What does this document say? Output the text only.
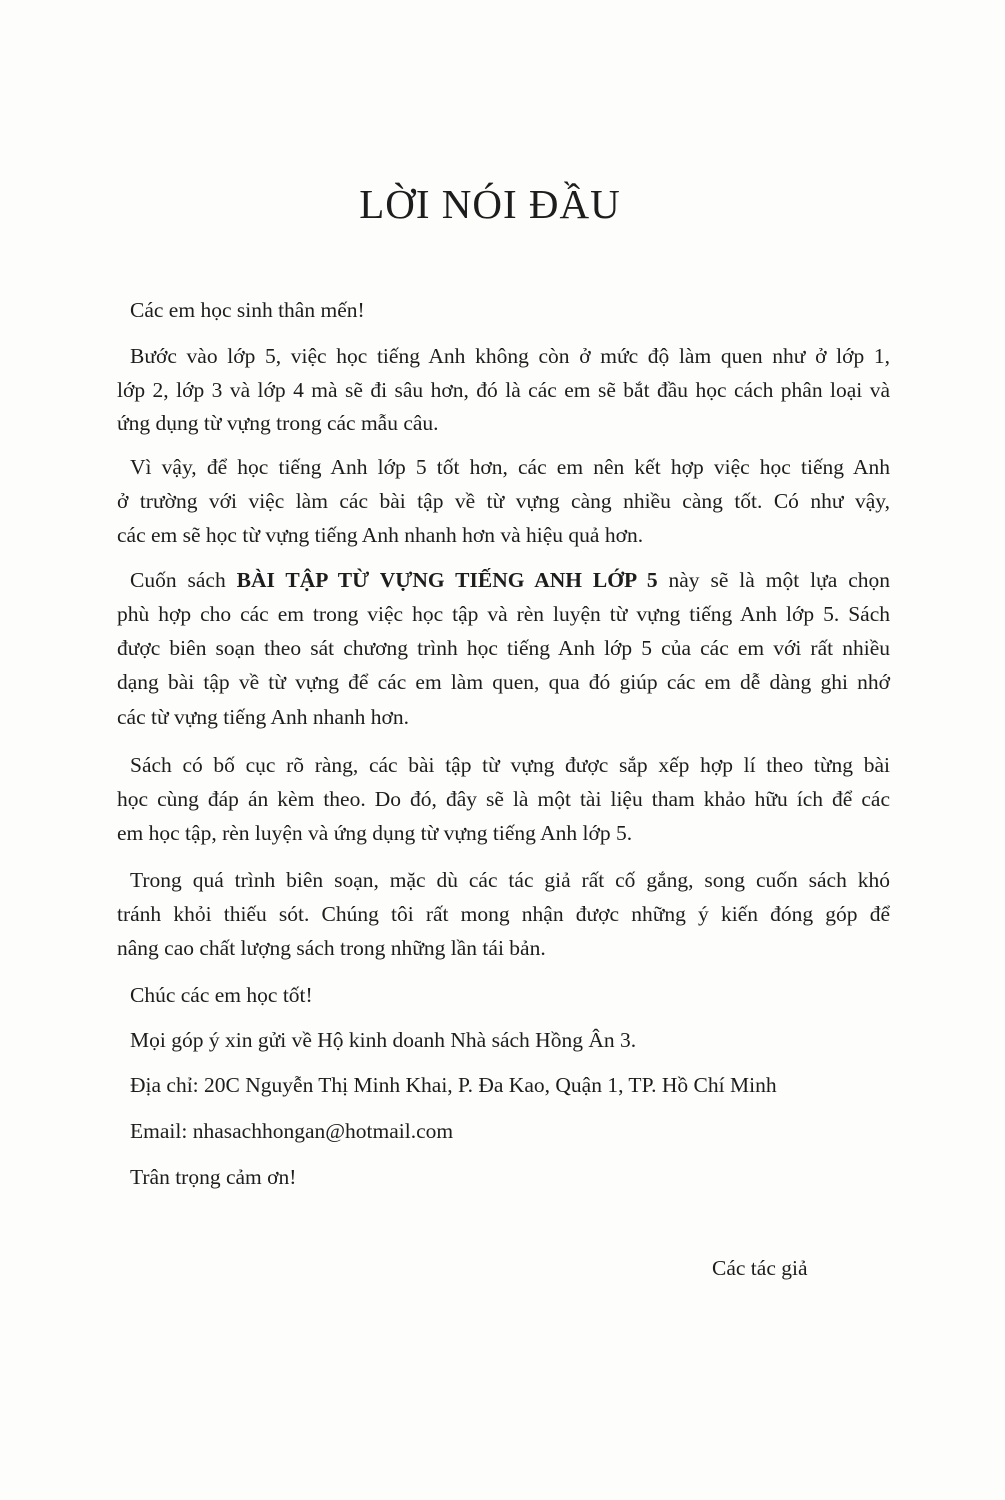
LỜI NÓI ĐẦU
Các em học sinh thân mến!
Bước vào lớp 5, việc học tiếng Anh không còn ở mức độ làm quen như ở lớp 1,
lớp 2, lớp 3 và lớp 4 mà sẽ đi sâu hơn, đó là các em sẽ bắt đầu học cách phân loại và
ứng dụng từ vựng trong các mẫu câu.
Vì vậy, để học tiếng Anh lớp 5 tốt hơn, các em nên kết hợp việc học tiếng Anh
ở trường với việc làm các bài tập về từ vựng càng nhiều càng tốt. Có như vậy,
các em sẽ học từ vựng tiếng Anh nhanh hơn và hiệu quả hơn.
Cuốn sách BÀI TẬP TỪ VỰNG TIẾNG ANH LỚP 5 này sẽ là một lựa chọn
phù hợp cho các em trong việc học tập và rèn luyện từ vựng tiếng Anh lớp 5. Sách
được biên soạn theo sát chương trình học tiếng Anh lớp 5 của các em với rất nhiều
dạng bài tập về từ vựng để các em làm quen, qua đó giúp các em dễ dàng ghi nhớ
các từ vựng tiếng Anh nhanh hơn.
Sách có bố cục rõ ràng, các bài tập từ vựng được sắp xếp hợp lí theo từng bài
học cùng đáp án kèm theo. Do đó, đây sẽ là một tài liệu tham khảo hữu ích để các
em học tập, rèn luyện và ứng dụng từ vựng tiếng Anh lớp 5.
Trong quá trình biên soạn, mặc dù các tác giả rất cố gắng, song cuốn sách khó
tránh khỏi thiếu sót. Chúng tôi rất mong nhận được những ý kiến đóng góp để
nâng cao chất lượng sách trong những lần tái bản.
Chúc các em học tốt!
Mọi góp ý xin gửi về Hộ kinh doanh Nhà sách Hồng Ân 3.
Địa chỉ: 20C Nguyễn Thị Minh Khai, P. Đa Kao, Quận 1, TP. Hồ Chí Minh
Email: nhasachhongan@hotmail.com
Trân trọng cảm ơn!
Các tác giả
